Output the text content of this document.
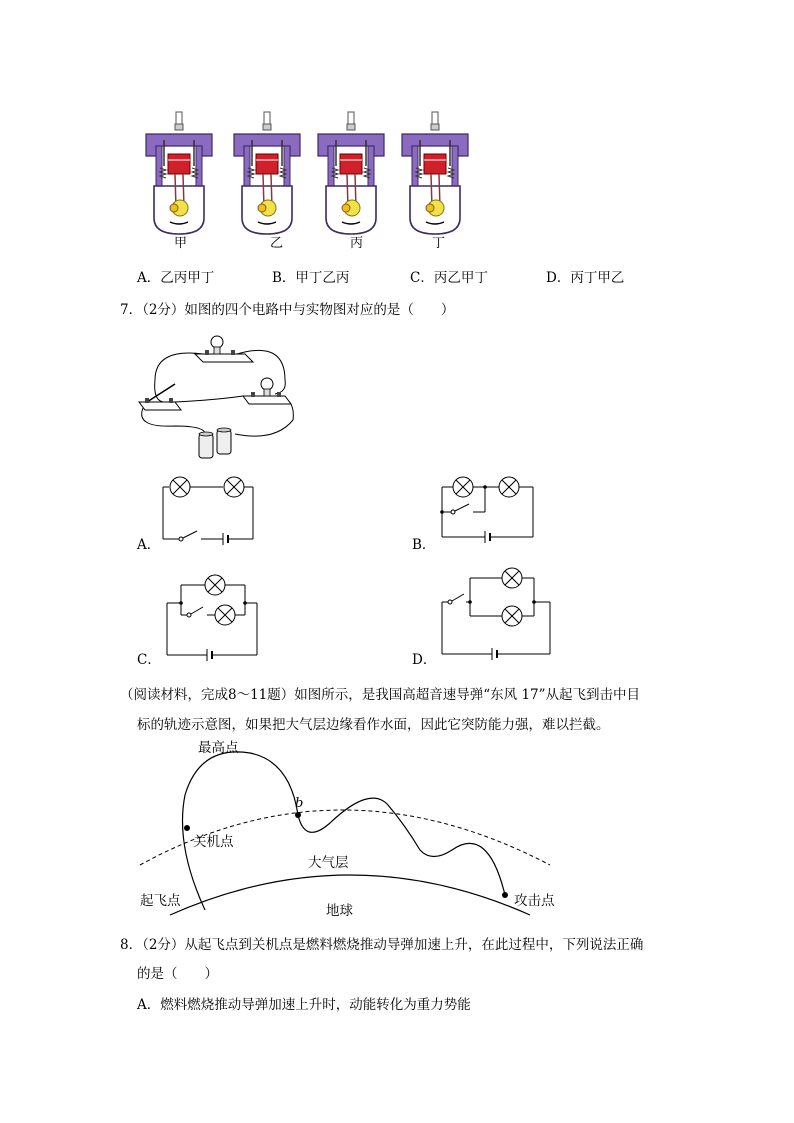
甲	乙	丙	丁
A．乙丙甲丁	B．甲丁乙丙	C．丙乙甲丁	D．丙丁甲乙
7．（2分）如图的四个电路中与实物图对应的是（　　）
A．	B．
C．	D．
（阅读材料，完成8～11题）如图所示，是我国高超音速导弹“东风 17”从起飞到击中目
标的轨迹示意图，如果把大气层边缘看作水面，因此它突防能力强，难以拦截。
最高点
b
关机点
大气层
起飞点
地球
攻击点
8．（2分）从起飞点到关机点是燃料燃烧推动导弹加速上升，在此过程中，下列说法正确
的是（　　）
A．燃料燃烧推动导弹加速上升时，动能转化为重力势能
